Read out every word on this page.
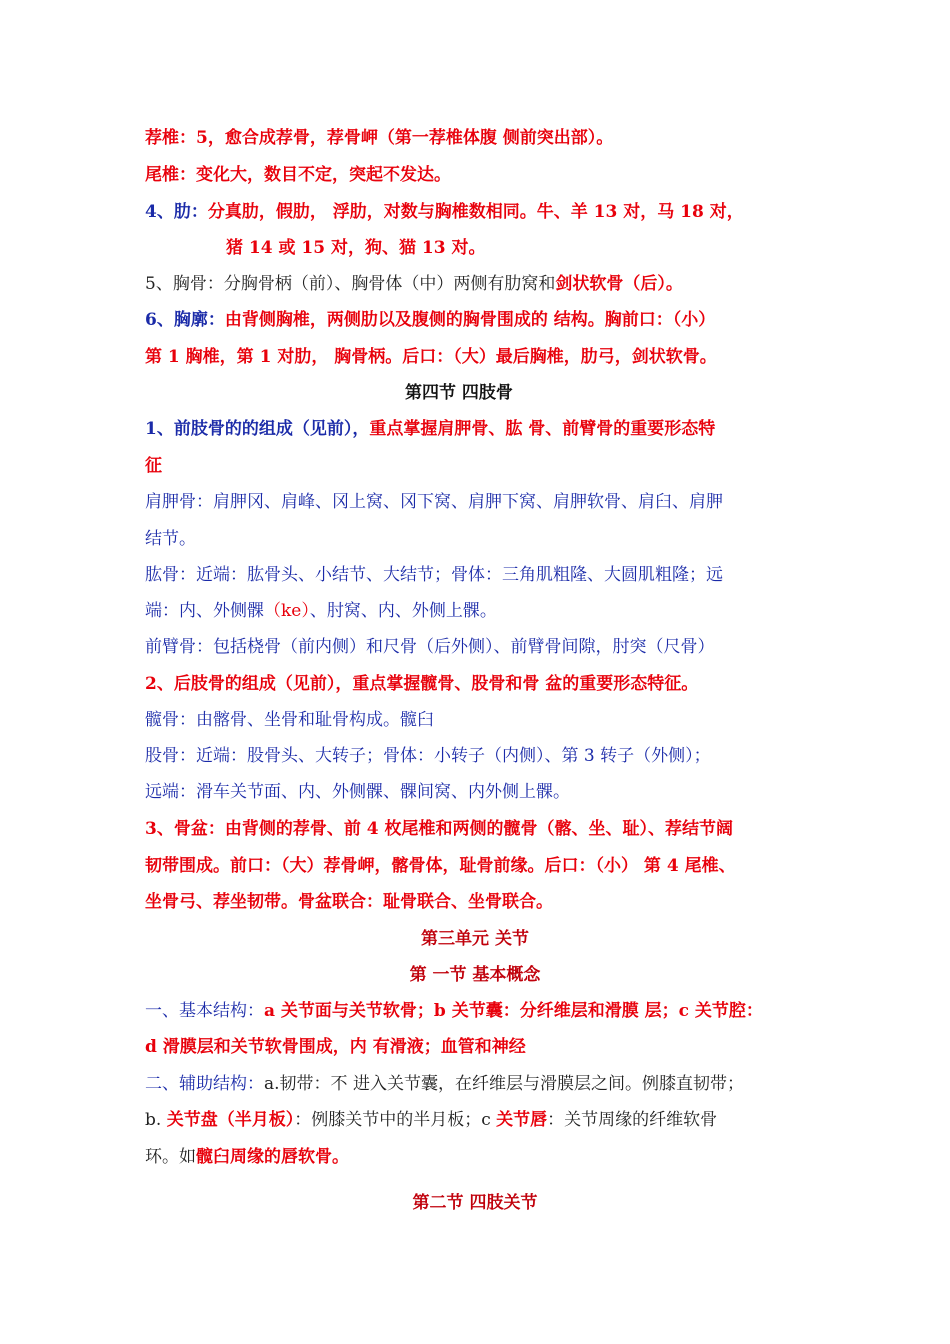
荐椎：5，愈合成荐骨，荐骨岬（第一荐椎体腹 侧前突出部）。
尾椎：变化大，数目不定，突起不发达。
4、肋：分真肋，假肋， 浮肋，对数与胸椎数相同。牛、羊 13 对，马 18 对，
猪 14 或 15 对，狗、猫 13 对。
5、胸骨：分胸骨柄（前）、胸骨体（中）两侧有肋窝和剑状软骨（后）。
6、胸廓：由背侧胸椎，两侧肋以及腹侧的胸骨围成的 结构。胸前口：（小）
第 1 胸椎，第 1 对肋， 胸骨柄。后口：（大）最后胸椎，肋弓，剑状软骨。
第四节 四肢骨
1、前肢骨的的组成（见前），重点掌握肩胛骨、肱 骨、前臂骨的重要形态特
征
肩胛骨：肩胛冈、肩峰、冈上窝、冈下窝、肩胛下窝、肩胛软骨、肩臼、肩胛
结节。
肱骨：近端：肱骨头、小结节、大结节；骨体：三角肌粗隆、大圆肌粗隆；远
端：内、外侧髁（ke）、肘窝、内、外侧上髁。
前臂骨：包括桡骨（前内侧）和尺骨（后外侧）、前臂骨间隙，肘突（尺骨）
2、后肢骨的组成（见前），重点掌握髋骨、股骨和骨 盆的重要形态特征。
髋骨：由髂骨、坐骨和耻骨构成。髋臼
股骨：近端：股骨头、大转子；骨体：小转子（内侧）、第 3 转子（外侧）；
远端：滑车关节面、内、外侧髁、髁间窝、内外侧上髁。
3、骨盆：由背侧的荐骨、前 4 枚尾椎和两侧的髋骨（髂、坐、耻）、荐结节阔
韧带围成。前口：（大）荐骨岬，髂骨体，耻骨前缘。后口：（小） 第 4 尾椎、
坐骨弓、荐坐韧带。骨盆联合：耻骨联合、坐骨联合。
第三单元 关节
第 一节 基本概念
一、基本结构：a 关节面与关节软骨；b 关节囊：分纤维层和滑膜 层；c 关节腔：
d 滑膜层和关节软骨围成，内 有滑液；血管和神经
二、辅助结构：a.韧带：不 进入关节囊，在纤维层与滑膜层之间。例膝直韧带；
b. 关节盘（半月板）：例膝关节中的半月板；c 关节唇：关节周缘的纤维软骨
环。如髋臼周缘的唇软骨。
第二节 四肢关节
